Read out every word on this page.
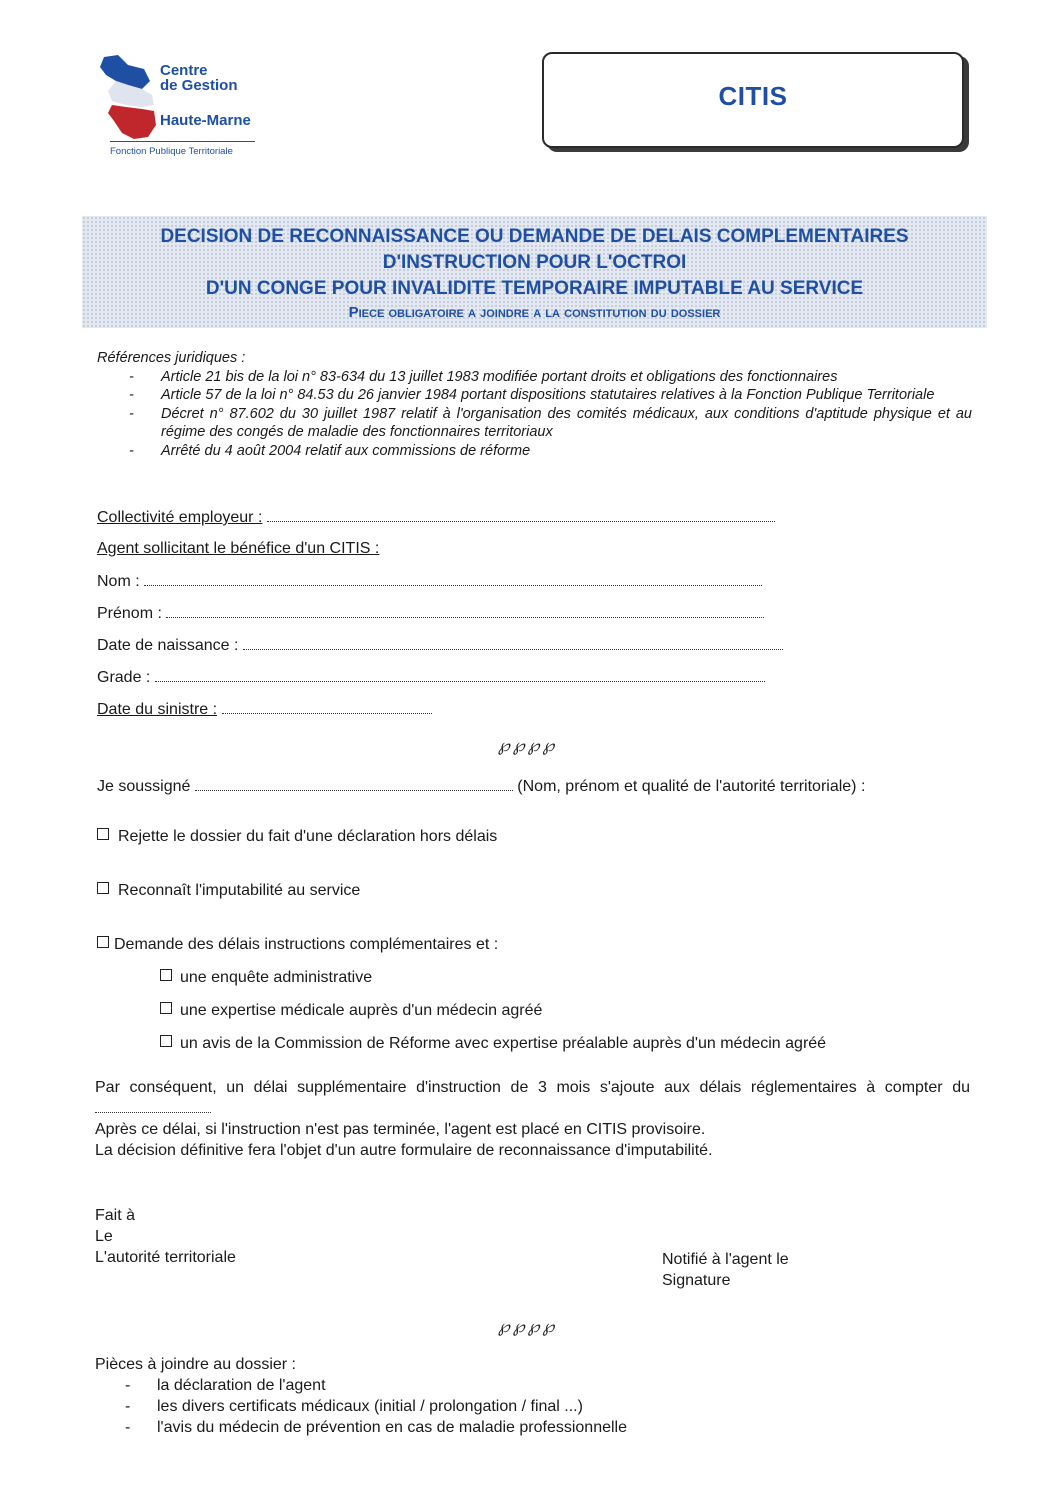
Centre
de Gestion
Haute-Marne
Fonction Publique Territoriale
CITIS
DECISION DE RECONNAISSANCE OU DEMANDE DE DELAIS COMPLEMENTAIRES
D'INSTRUCTION POUR L'OCTROI
D'UN CONGE POUR INVALIDITE TEMPORAIRE IMPUTABLE AU SERVICE
Piece obligatoire a joindre a la constitution du dossier
Références juridiques :
- Article 21 bis de la loi n° 83-634 du 13 juillet 1983 modifiée portant droits et obligations des fonctionnaires
- Article 57 de la loi n° 84.53 du 26 janvier 1984 portant dispositions statutaires relatives à la Fonction Publique Territoriale
- Décret n° 87.602 du 30 juillet 1987 relatif à l'organisation des comités médicaux, aux conditions d'aptitude physique et au régime des congés de maladie des fonctionnaires territoriaux
- Arrêté du 4 août 2004 relatif aux commissions de réforme
Collectivité employeur :
Agent sollicitant le bénéfice d'un CITIS :
Nom :
Prénom :
Date de naissance :
Grade :
Date du sinistre :
℘℘℘℘
Je soussigné	(Nom, prénom et qualité de l'autorité territoriale) :
Rejette le dossier du fait d'une déclaration hors délais
Reconnaît l'imputabilité au service
Demande des délais instructions complémentaires et :
une enquête administrative
une expertise médicale auprès d'un médecin agréé
un avis de la Commission de Réforme avec expertise préalable auprès d'un médecin agréé
Par conséquent, un délai supplémentaire d'instruction de 3 mois s'ajoute aux délais réglementaires à compter du
Après ce délai, si l'instruction n'est pas terminée, l'agent est placé en CITIS provisoire.
La décision définitive fera l'objet d'un autre formulaire de reconnaissance d'imputabilité.
Fait à
Le
L'autorité territoriale	Notifié à l'agent le
Signature
℘℘℘℘
Pièces à joindre au dossier :
- la déclaration de l'agent
- les divers certificats médicaux (initial / prolongation / final ...)
- l'avis du médecin de prévention en cas de maladie professionnelle
